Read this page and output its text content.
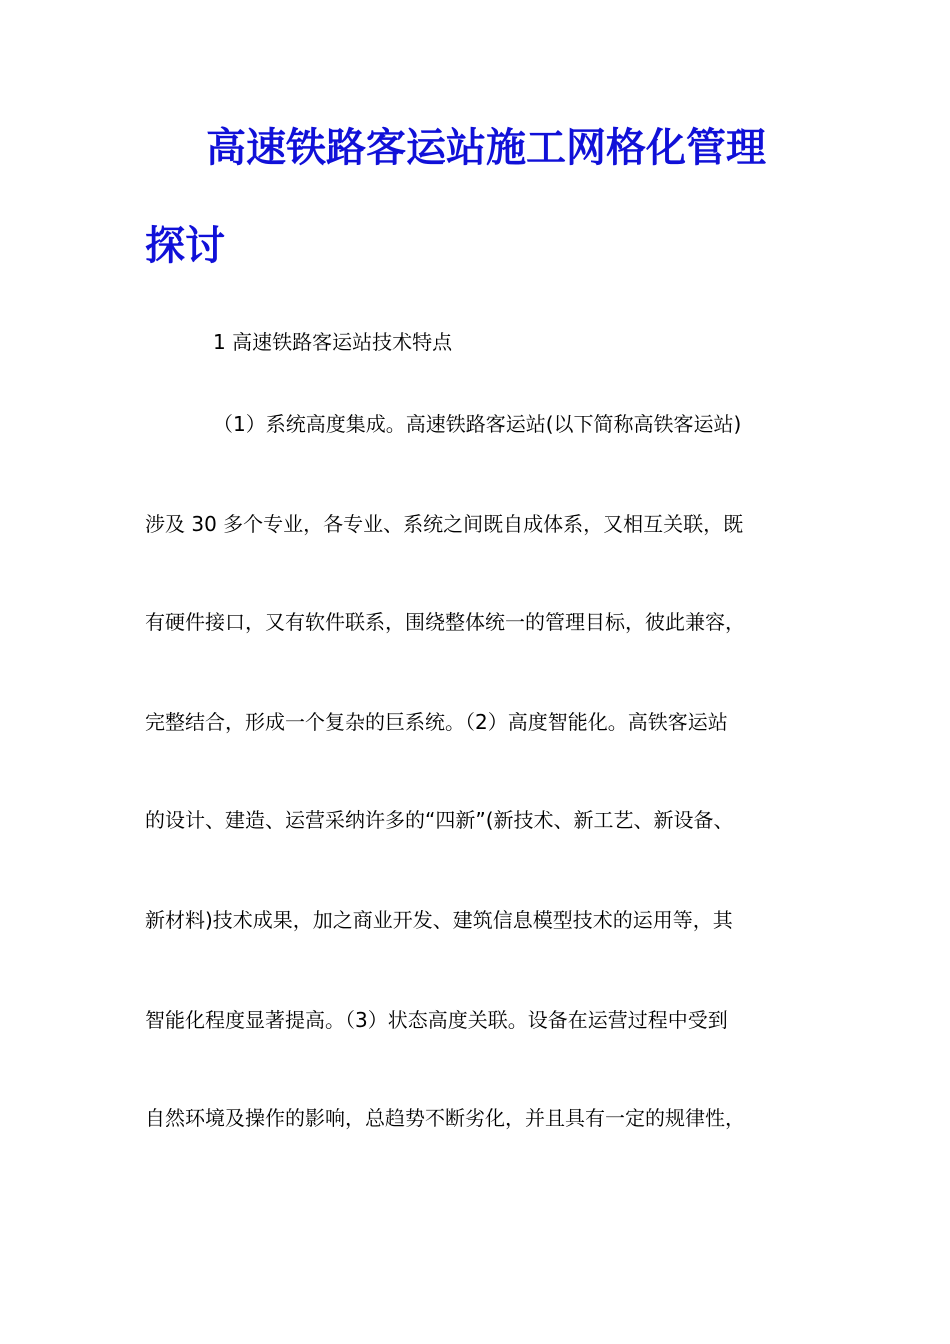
高速铁路客运站施工网格化管理
探讨
1 高速铁路客运站技术特点
（1）系统高度集成。高速铁路客运站(以下简称高铁客运站)
涉及 30 多个专业，各专业、系统之间既自成体系，又相互关联，既
有硬件接口，又有软件联系，围绕整体统一的管理目标，彼此兼容，
完整结合，形成一个复杂的巨系统。（2）高度智能化。高铁客运站
的设计、建造、运营采纳许多的“四新”(新技术、新工艺、新设备、
新材料)技术成果，加之商业开发、建筑信息模型技术的运用等，其
智能化程度显著提高。（3）状态高度关联。设备在运营过程中受到
自然环境及操作的影响，总趋势不断劣化，并且具有一定的规律性，
